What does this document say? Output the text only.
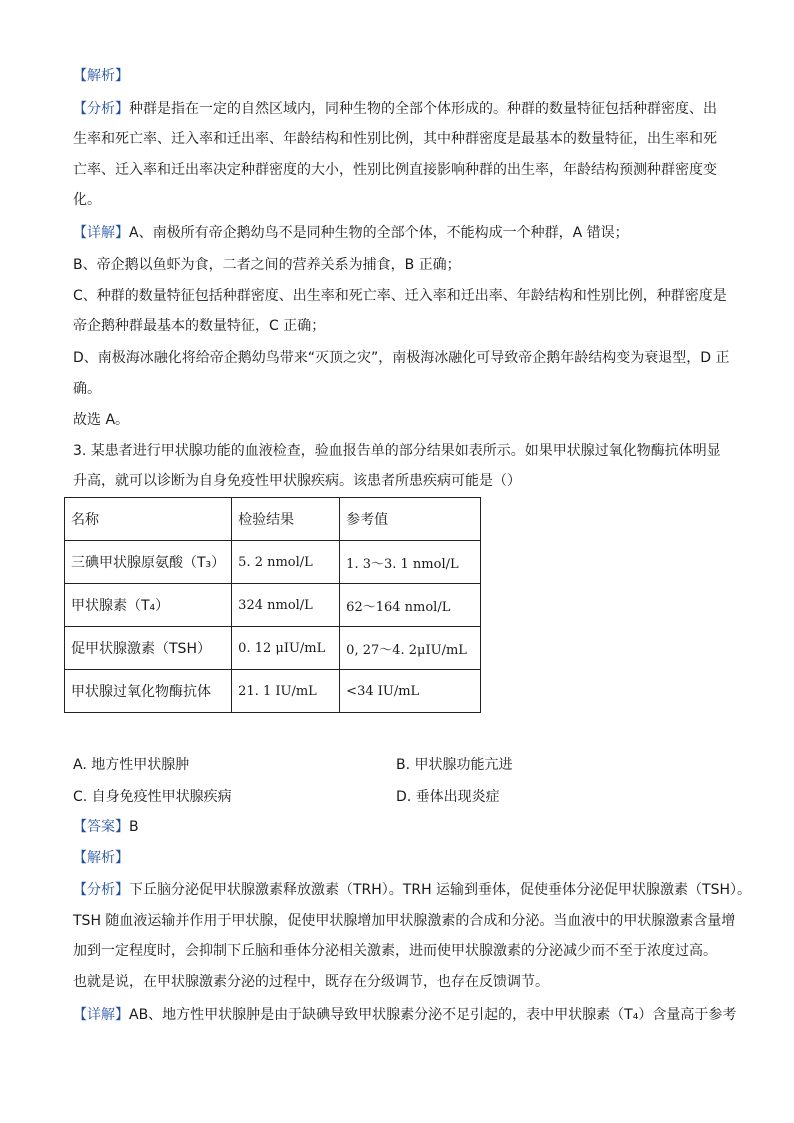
【解析】
【分析】种群是指在一定的自然区域内，同种生物的全部个体形成的。种群的数量特征包括种群密度、出
生率和死亡率、迁入率和迁出率、年龄结构和性别比例，其中种群密度是最基本的数量特征，出生率和死
亡率、迁入率和迁出率决定种群密度的大小，性别比例直接影响种群的出生率，年龄结构预测种群密度变
化。
【详解】A、南极所有帝企鹅幼鸟不是同种生物的全部个体，不能构成一个种群，A 错误；
B、帝企鹅以鱼虾为食，二者之间的营养关系为捕食，B 正确；
C、种群的数量特征包括种群密度、出生率和死亡率、迁入率和迁出率、年龄结构和性别比例，种群密度是
帝企鹅种群最基本的数量特征，C 正确；
D、南极海冰融化将给帝企鹅幼鸟带来“灭顶之灾”，南极海冰融化可导致帝企鹅年龄结构变为衰退型，D 正
确。
故选 A。
3. 某患者进行甲状腺功能的血液检查，验血报告单的部分结果如表所示。如果甲状腺过氧化物酶抗体明显
升高，就可以诊断为自身免疫性甲状腺疾病。该患者所患疾病可能是（）
名称	检验结果	参考值
三碘甲状腺原氨酸（T₃）	5. 2 nmol/L	1. 3～3. 1 nmol/L
甲状腺素（T₄）	324 nmol/L	62～164 nmol/L
促甲状腺激素（TSH）	0. 12 μIU/mL	0, 27～4. 2μIU/mL
甲状腺过氧化物酶抗体	21. 1 IU/mL	<34 IU/mL
A. 地方性甲状腺肿	B. 甲状腺功能亢进
C. 自身免疫性甲状腺疾病	D. 垂体出现炎症
【答案】B
【解析】
【分析】下丘脑分泌促甲状腺激素释放激素（TRH）。TRH 运输到垂体，促使垂体分泌促甲状腺激素（TSH）。
TSH 随血液运输并作用于甲状腺，促使甲状腺增加甲状腺激素的合成和分泌。当血液中的甲状腺激素含量增
加到一定程度时，会抑制下丘脑和垂体分泌相关激素，进而使甲状腺激素的分泌减少而不至于浓度过高。
也就是说，在甲状腺激素分泌的过程中，既存在分级调节，也存在反馈调节。
【详解】AB、地方性甲状腺肿是由于缺碘导致甲状腺素分泌不足引起的，表中甲状腺素（T₄）含量高于参考
